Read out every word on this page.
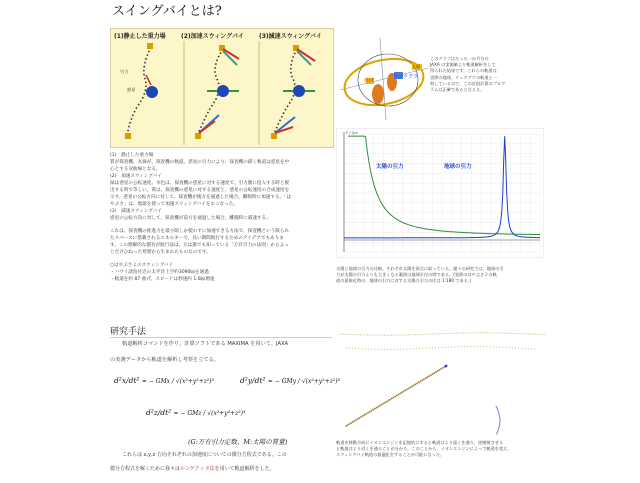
スイングバイとは?
(1)静止した重力場	(2)加速スウィングバイ	(3)減速スウィングバイ
引力
惑星
(1)　静止した重力場
質が探査機。丸線が、探査機の軌道。惑星の引力により、探査機の描く軌道は惑星を中
心とする双曲線となる。
(2)　加速スウィングバイ
緑は惑星の公転速度。水色は、探査機の惑星に対する速度で、引力圏に侵入する時と脱
出する時で等しい。黄は、探査機の惑星に対する速度と、惑星の公転速度の合成速度を
示す。惑星の公転方向に対して、探査機が後方を通過した場合、離脱時に加速する。「は
やぶさ」は、地球を使って加速スウィングバイをおこなった。
(3)　減速スウィングバイ
惑星の公転方向に対して、探査機が前方を通過した場合、離脱時に減速する。
これは、探査機の推進力を最小限しか使わずに加速できる方法で、探査機という限られ
たスペースに搭載されるエネルギーで、長い期間航行するためのアイデアでもありま
す。この理解的な題名が航行法は、元は誰でも知っている「万有引力の法則」からよっ
とだけひねった発想から生まれたものなのです。
○はやぶさ２のスウィングバイ
・ハワイ諸島付近の太平洋上空約3090㎞を通過
・軌道を約 87 曲げ、スピードは秒速約 1.6㎞増速
地球
リュウグウ
太陽
このグラフはたった一か月分の
JAXA の実測値より軌道解析をして
得られた結果です。これらの軌道は
実際の地球、リュウグウの軌道と一
致しているので、この近似計算のプログ
ラムは正確であると言える。
F / Gm
太陽の引力	地球の引力
太陽と地球の引力の比較。それぞれ太陽を原点に取っている。縦々の研究では、地球の引
力が太陽の引力よりも大きくなる範囲は地球半径の間である。(実際のはやぶさ２の軌
道の最接近時の、地球の引力に対する太陽の引力の比は 1:180 である。)
研究手法
軌道解析コマンドを作り、計算ソフトである MAXIMA を用いて、JAXA
の実測データから軌道を解析し考察を立てる。
d²x/dt² = − GMx / √(x²+y²+z²)³	d²y/dt² = − GMy / √(x²+y²+z²)³
d²z/dt² = − GMz / √(x²+y²+z²)³
(G:万有引力定数、M:太陽の質量)
これらは x,y,z 方向それぞれの加速度についての微分方程式である。この
微分方程式を解くために我々はルンゲクッタ法を用いて軌道解析をした。
軌道を移動方向にイオンエンジンを記憶的にすると軌道はより遠くを通り、逆噴射させる
と軌道はより近くを通ることが分かる。このことから、イオンエンジンによって軌道を変え、
スウィングバイ軌道の最適化をすることが可能になった。
